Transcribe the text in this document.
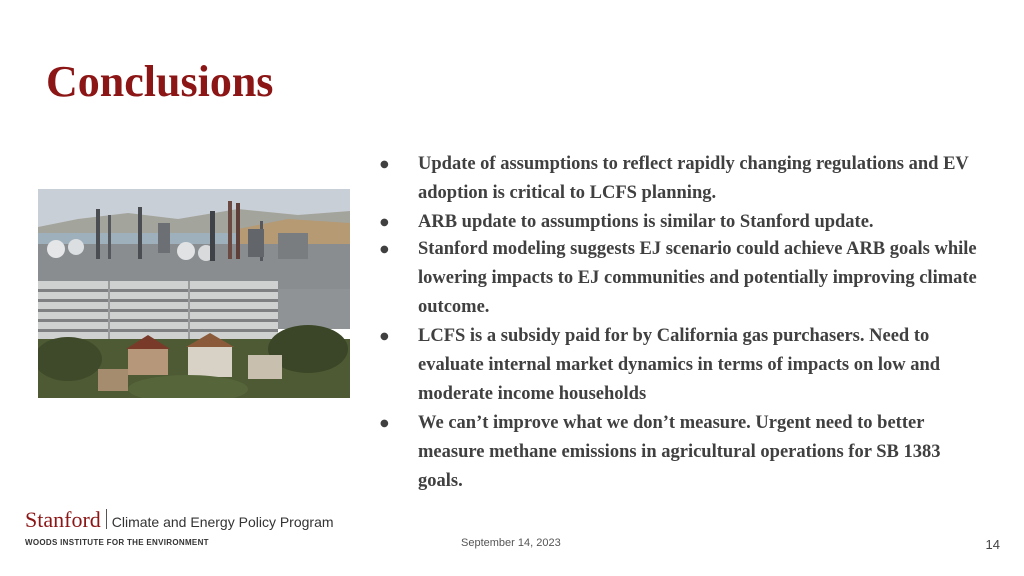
Conclusions
● Update of assumptions to reflect rapidly changing regulations and EV adoption is critical to LCFS planning.
● ARB update to assumptions is similar to Stanford update.
● Stanford modeling suggests EJ scenario could achieve ARB goals while lowering impacts to EJ communities and potentially improving climate outcome.
● LCFS is a subsidy paid for by California gas purchasers. Need to evaluate internal market dynamics in terms of impacts on low and moderate income households
● We can’t improve what we don’t measure. Urgent need to better measure methane emissions in agricultural operations for SB 1383 goals.
Stanford Climate and Energy Policy Program
WOODS INSTITUTE FOR THE ENVIRONMENT	September 14, 2023	14
